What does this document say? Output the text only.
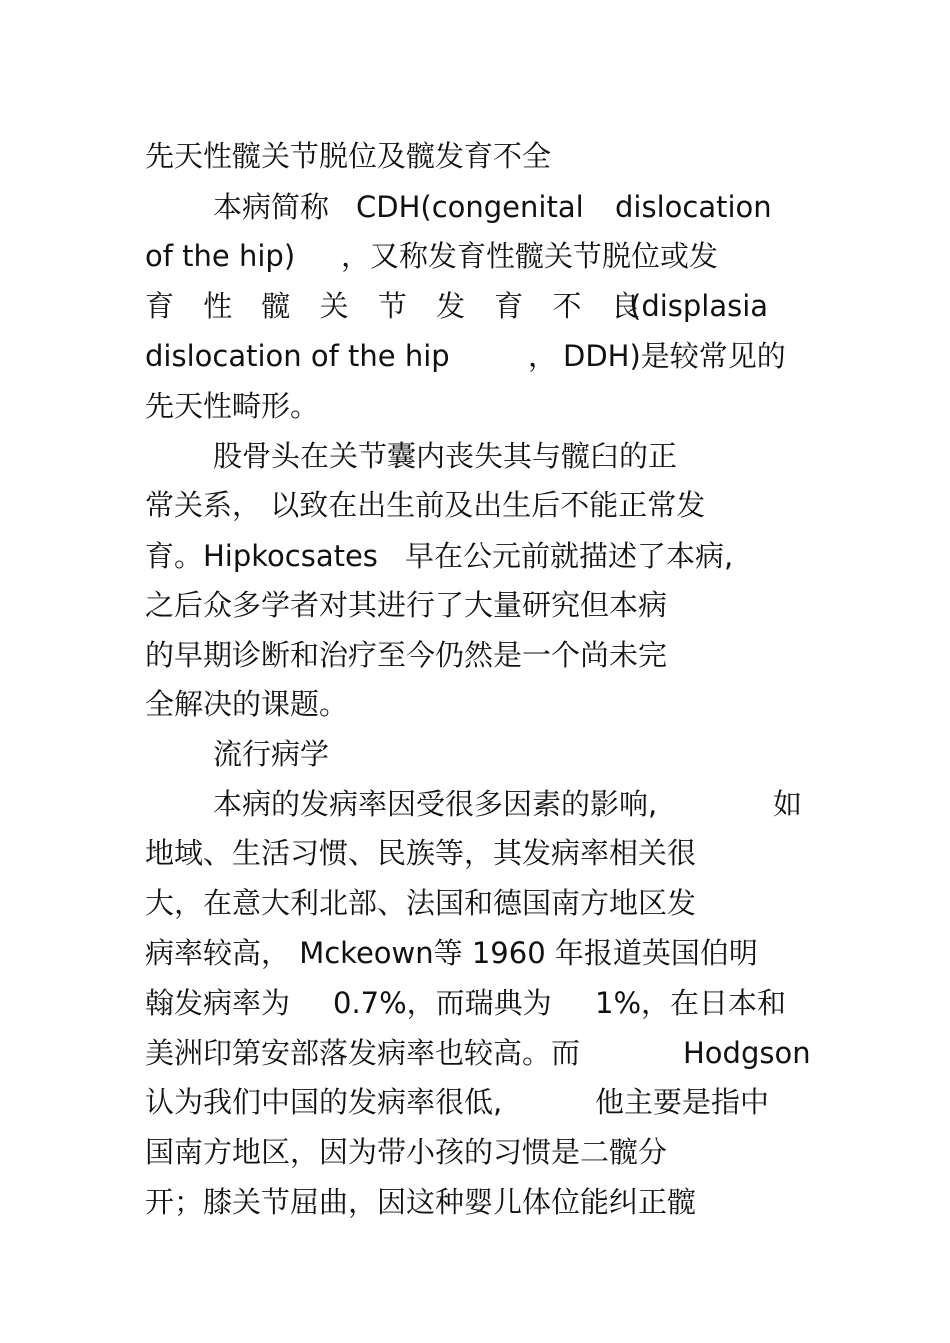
先天性髋关节脱位及髋发育不全
本病简称 CDH(congenital dislocation
of the hip) ，又称发育性髋关节脱位或发
育 性 髋 关 节 发 育 不 良
(displasia
dislocation of the hip	， DDH)是较常见的
先天性畸形。
股骨头在关节囊内丧失其与髋臼的正
常关系， 以致在出生前及出生后不能正常发
育。Hipkocsates 早在公元前就描述了本病,
之后众多学者对其进行了大量研究但本病
的早期诊断和治疗至今仍然是一个尚未完
全解决的课题。
流行病学
本病的发病率因受很多因素的影响,	如
地域、生活习惯、民族等，其发病率相关很
大，在意大利北部、法国和德国南方地区发
病率较高， Mckeown等 1960 年报道英国伯明
翰发病率为 0.7%，而瑞典为 1%，在日本和
美洲印第安部落发病率也较高。而	Hodgson
认为我们中国的发病率很低,	他主要是指中
国南方地区，因为带小孩的习惯是二髋分
开；膝关节屈曲，因这种婴儿体位能纠正髋
